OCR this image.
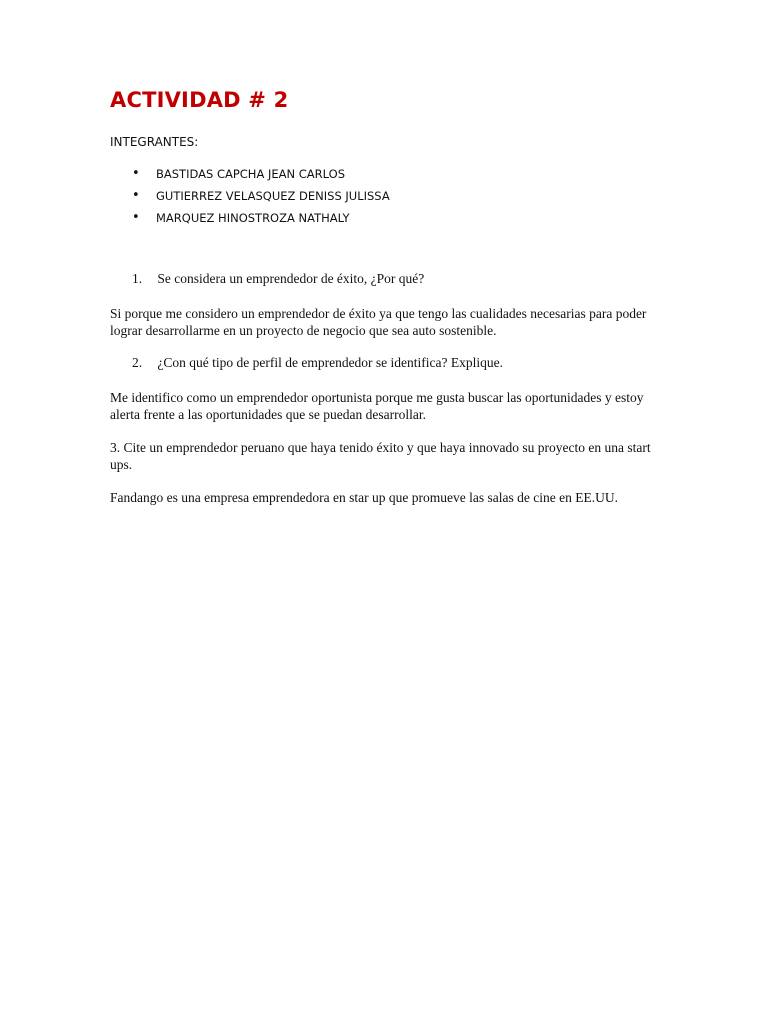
ACTIVIDAD # 2

INTEGRANTES:

• BASTIDAS CAPCHA JEAN CARLOS
• GUTIERREZ VELASQUEZ DENISS JULISSA
• MARQUEZ HINOSTROZA NATHALY

1. Se considera un emprendedor de éxito, ¿Por qué?

Si porque me considero un emprendedor de éxito ya que tengo las cualidades necesarias para poder lograr desarrollarme en un proyecto de negocio que sea auto sostenible.

2. ¿Con qué tipo de perfil de emprendedor se identifica? Explique.

Me identifico como un emprendedor oportunista porque me gusta buscar las oportunidades y estoy alerta frente a las oportunidades que se puedan desarrollar.

3. Cite un emprendedor peruano que haya tenido éxito y que haya innovado su proyecto en una start ups.

Fandango es una empresa emprendedora en star up que promueve las salas de cine en EE.UU.
